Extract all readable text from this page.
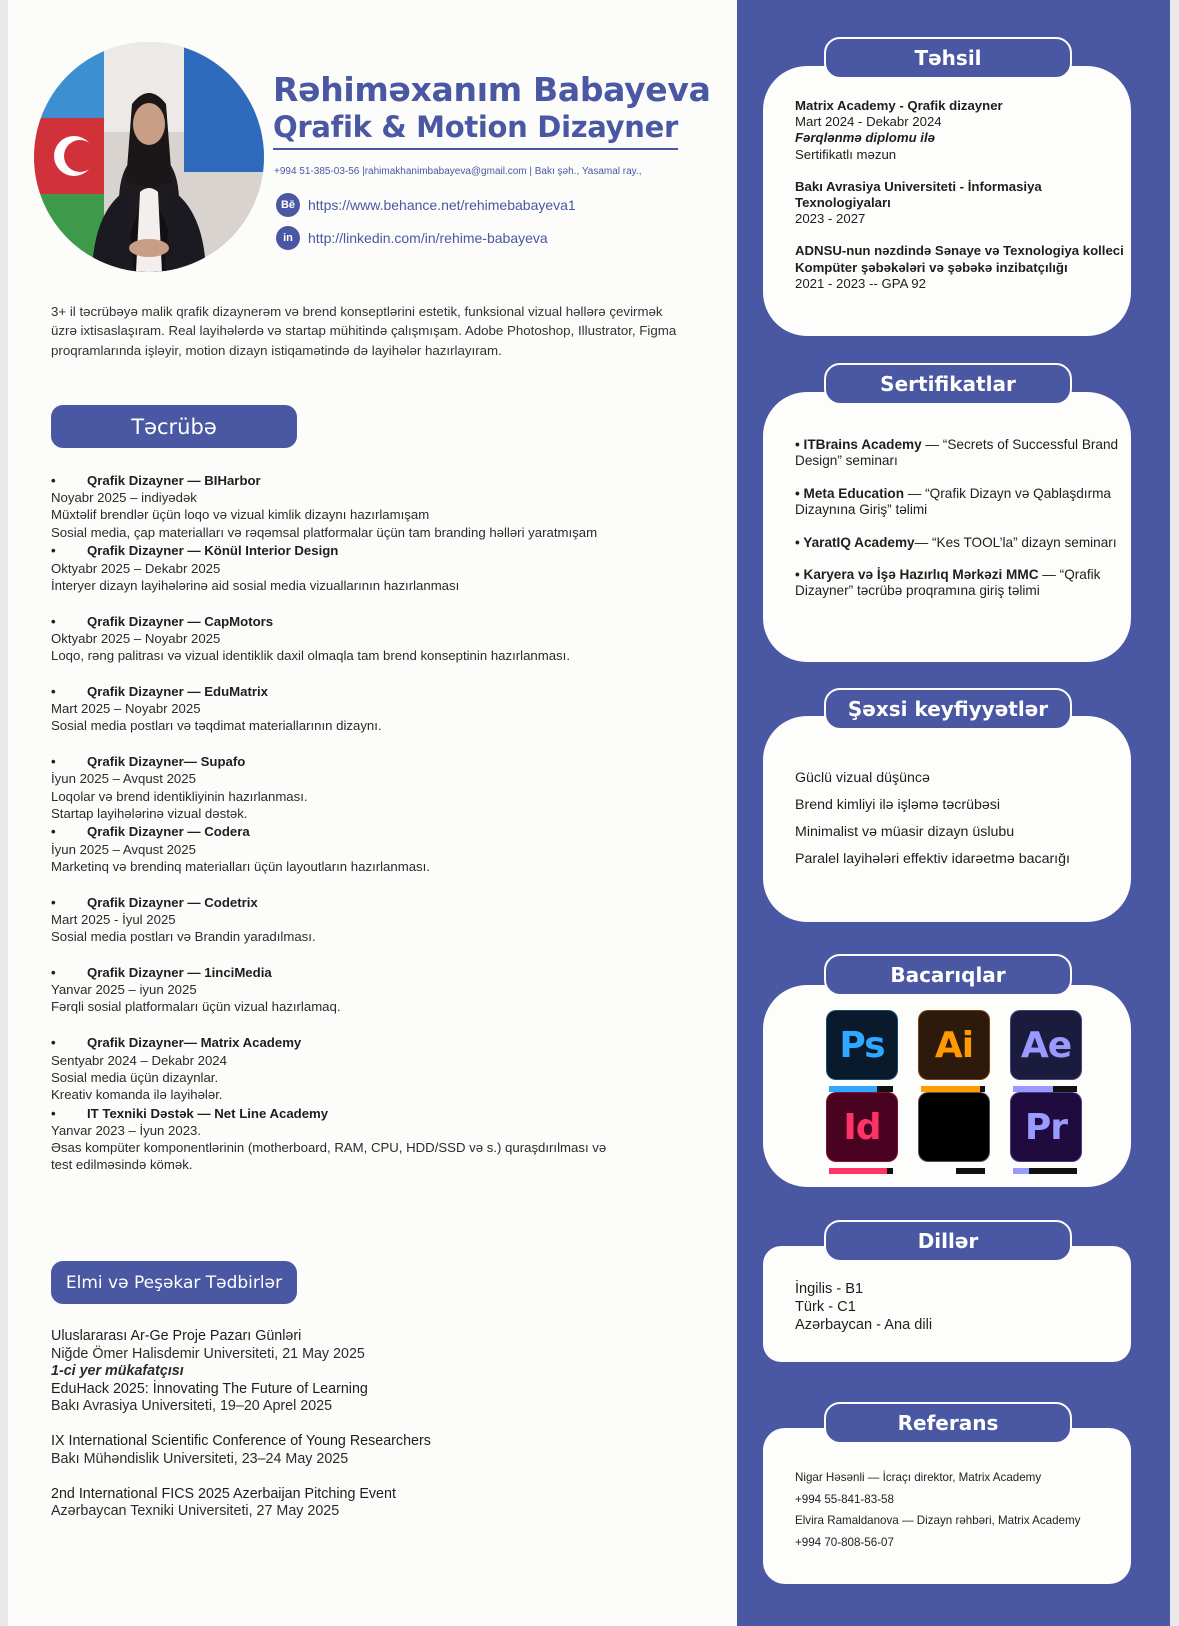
Rəhiməxanım Babayeva
Qrafik & Motion Dizayner
+994 51-385-03-56 |rahimakhanimbabayeva@gmail.com | Bakı şəh., Yasamal ray.,
Bē https://www.behance.net/rehimebabayeva1
in	http://linkedin.com/in/rehime-babayeva

3+ il təcrübəyə malik qrafik dizaynerəm və brend konseptlərini estetik, funksional vizual həllərə çevirmək üzrə ixtisaslaşıram. Real layihələrdə və startap mühitində çalışmışam. Adobe Photoshop, Illustrator, Figma proqramlarında işləyir, motion dizayn istiqamətində də layihələr hazırlayıram.

Təcrübə
• Qrafik Dizayner — BIHarbor
Noyabr 2025 – indiyədək
Müxtəlif brendlər üçün loqo və vizual kimlik dizaynı hazırlamışam
Sosial media, çap materialları və rəqəmsal platformalar üçün tam branding həlləri yaratmışam
• Qrafik Dizayner — Könül Interior Design
Oktyabr 2025 – Dekabr 2025
İnteryer dizayn layihələrinə aid sosial media vizuallarının hazırlanması
• Qrafik Dizayner — CapMotors
Oktyabr 2025 – Noyabr 2025
Loqo, rəng palitrası və vizual identiklik daxil olmaqla tam brend konseptinin hazırlanması.
• Qrafik Dizayner — EduMatrix
Mart 2025 – Noyabr 2025
Sosial media postları və təqdimat materiallarının dizaynı.
• Qrafik Dizayner— Supafo
İyun 2025 – Avqust 2025
Loqolar və brend identikliyinin hazırlanması.
Startap layihələrinə vizual dəstək.
• Qrafik Dizayner — Codera
İyun 2025 – Avqust 2025
Marketinq və brendinq materialları üçün layoutların hazırlanması.
• Qrafik Dizayner — Codetrix
Mart 2025 - İyul 2025
Sosial media postları və Brandin yaradılması.
• Qrafik Dizayner — 1inciMedia
Yanvar 2025 – iyun 2025
Fərqli sosial platformaları üçün vizual hazırlamaq.
• Qrafik Dizayner— Matrix Academy
Sentyabr 2024 – Dekabr 2024
Sosial media üçün dizaynlar.
Kreativ komanda ilə layihələr.
• IT Texniki Dəstək — Net Line Academy
Yanvar 2023 – İyun 2023.
Əsas kompüter komponentlərinin (motherboard, RAM, CPU, HDD/SSD və s.) quraşdırılması və
test edilməsində kömək.
Elmi və Peşəkar Tədbirlər
Uluslararası Ar-Ge Proje Pazarı Günləri
Niğde Ömer Halisdemir Universiteti, 21 May 2025
1-ci yer mükafatçısı
EduHack 2025: İnnovating The Future of Learning
Bakı Avrasiya Universiteti, 19–20 Aprel 2025
IX International Scientific Conference of Young Researchers
Bakı Mühəndislik Universiteti, 23–24 May 2025
2nd International FICS 2025 Azerbaijan Pitching Event
Azərbaycan Texniki Universiteti, 27 May 2025
Təhsil
Matrix Academy - Qrafik dizayner
Mart 2024 - Dekabr 2024
Fərqlənmə diplomu ilə
Sertifikatlı məzun
Bakı Avrasiya Universiteti - İnformasiya Texnologiyaları
2023 - 2027
ADNSU-nun nəzdində Sənaye və Texnologiya kolleci Kompüter şəbəkələri və şəbəkə inzibatçılığı
2021 - 2023 -- GPA 92
Sertifikatlar
• ITBrains Academy — “Secrets of Successful Brand Design” seminarı
• Meta Education — “Qrafik Dizayn və Qablaşdırma Dizaynına Giriş” təlimi
• YaratIQ Academy— “Kes TOOL’la” dizayn seminarı
• Karyera və İşə Hazırlıq Mərkəzi MMC — “Qrafik Dizayner” təcrübə proqramına giriş təlimi
Şəxsi keyfiyyətlər
Güclü vizual düşüncə
Brend kimliyi ilə işləmə təcrübəsi
Minimalist və müasir dizayn üslubu
Paralel layihələri effektiv idarəetmə bacarığı
Bacarıqlar
Ps	Ai	Ae
Id	Pr
Dillər
İngilis - B1
Türk - C1
Azərbaycan - Ana dili
Referans
Nigar Həsənli — İcraçı direktor, Matrix Academy
+994 55-841-83-58
Elvira Ramaldanova — Dizayn rəhbəri, Matrix Academy
+994 70-808-56-07
